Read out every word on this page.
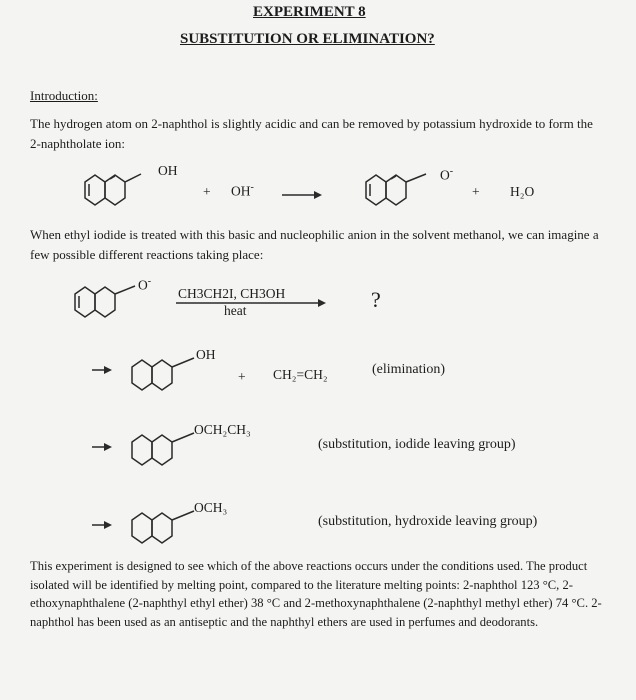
EXPERIMENT 8
SUBSTITUTION OR ELIMINATION?
Introduction:
The hydrogen atom on 2-naphthol is slightly acidic and can be removed by potassium hydroxide to form the 2-naphtholate ion:
OH
+ OH-
O-
+ H₂O
When ethyl iodide is treated with this basic and nucleophilic anion in the solvent methanol, we can imagine a few possible different reactions taking place:
O-
CH3CH2I, CH3OH
heat	?
OH
+ CH₂=CH₂	(elimination)
OCH₂CH₃
(substitution, iodide leaving group)
OCH₃
(substitution, hydroxide leaving group)
This experiment is designed to see which of the above reactions occurs under the conditions used. The product isolated will be identified by melting point, compared to the literature melting points: 2-naphthol 123 °C, 2-ethoxynaphthalene (2-naphthyl ethyl ether) 38 °C and 2-methoxynaphthalene (2-naphthyl methyl ether) 74 °C. 2-naphthol has been used as an antiseptic and the naphthyl ethers are used in perfumes and deodorants.
